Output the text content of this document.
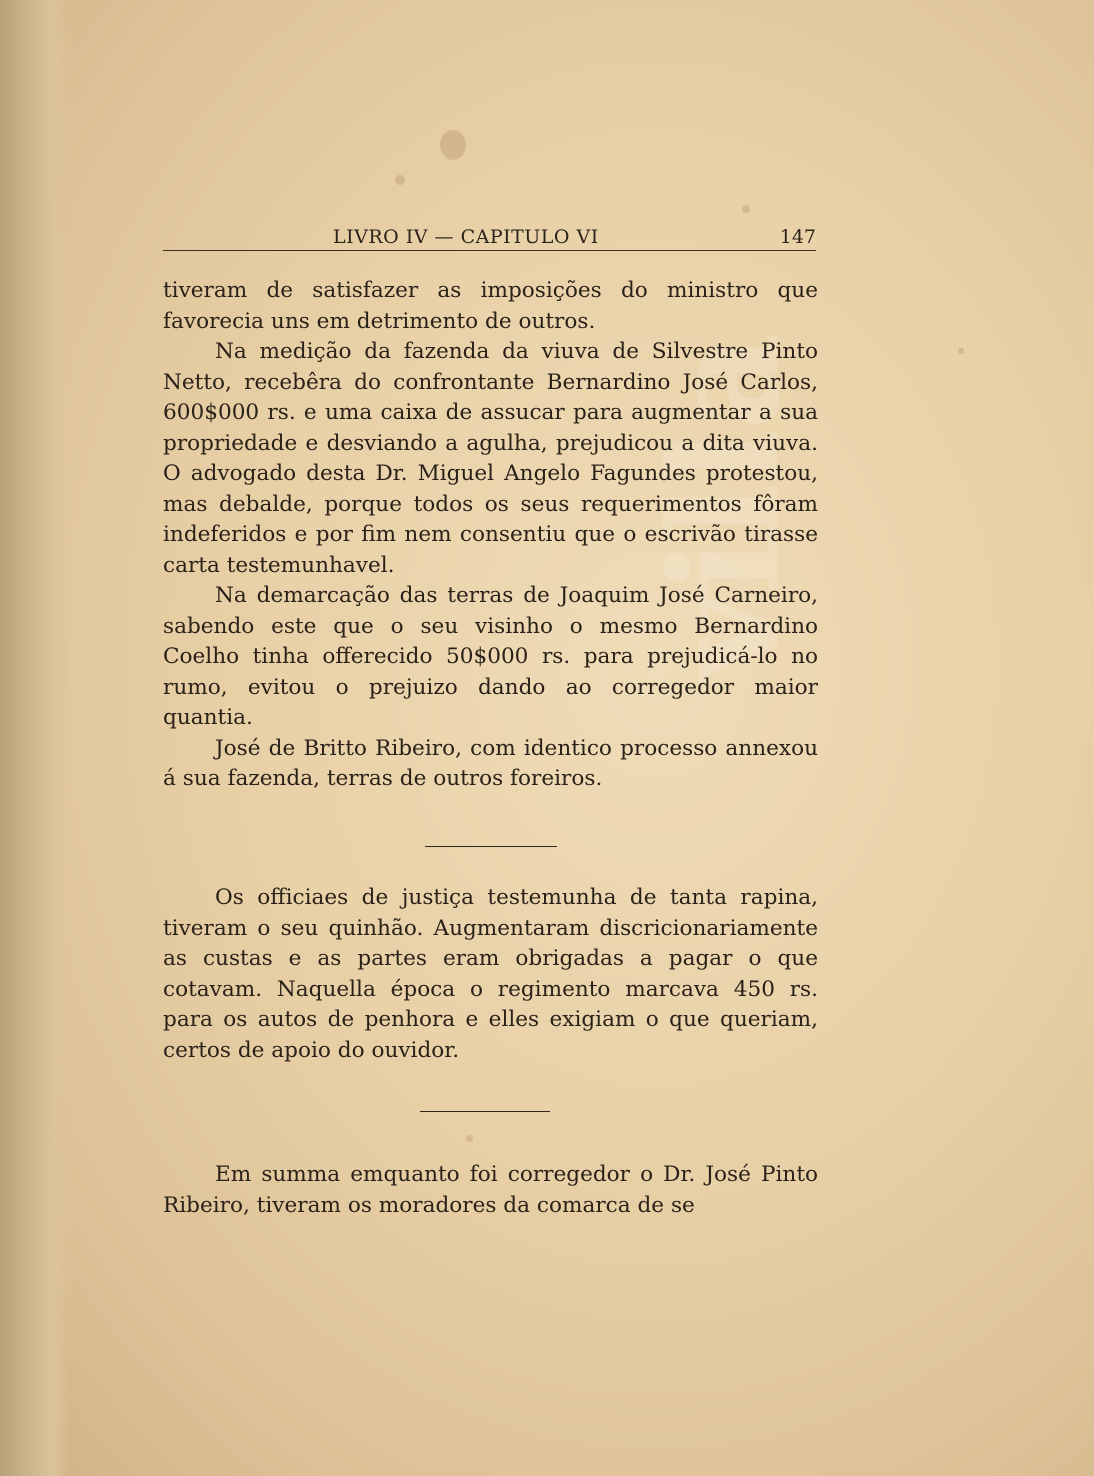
villa
LIVRO IV — CAPITULO VI	147

tiveram de satisfazer as imposições do ministro que favorecia uns em detrimento de outros.

Na medição da fazenda da viuva de Silvestre Pinto Netto, recebêra do confrontante Bernardino José Carlos, 600$000 rs. e uma caixa de assucar para augmentar a sua propriedade e desviando a agulha, prejudicou a dita viuva. O advogado desta Dr. Miguel Angelo Fagundes protestou, mas debalde, porque todos os seus requerimentos fôram indeferidos e por fim nem consentiu que o escrivão tirasse carta testemunhavel.

Na demarcação das terras de Joaquim José Carneiro, sabendo este que o seu visinho o mesmo Bernardino Coelho tinha offerecido 50$000 rs. para prejudicá-lo no rumo, evitou o prejuizo dando ao corregedor maior quantia.

José de Britto Ribeiro, com identico processo annexou á sua fazenda, terras de outros foreiros.

Os officiaes de justiça testemunha de tanta rapina, tiveram o seu quinhão. Augmentaram discricionariamente as custas e as partes eram obrigadas a pagar o que cotavam. Naquella época o regimento marcava 450 rs. para os autos de penhora e elles exigiam o que queriam, certos de apoio do ouvidor.

Em summa emquanto foi corregedor o Dr. José Pinto Ribeiro, tiveram os moradores da comarca de se
